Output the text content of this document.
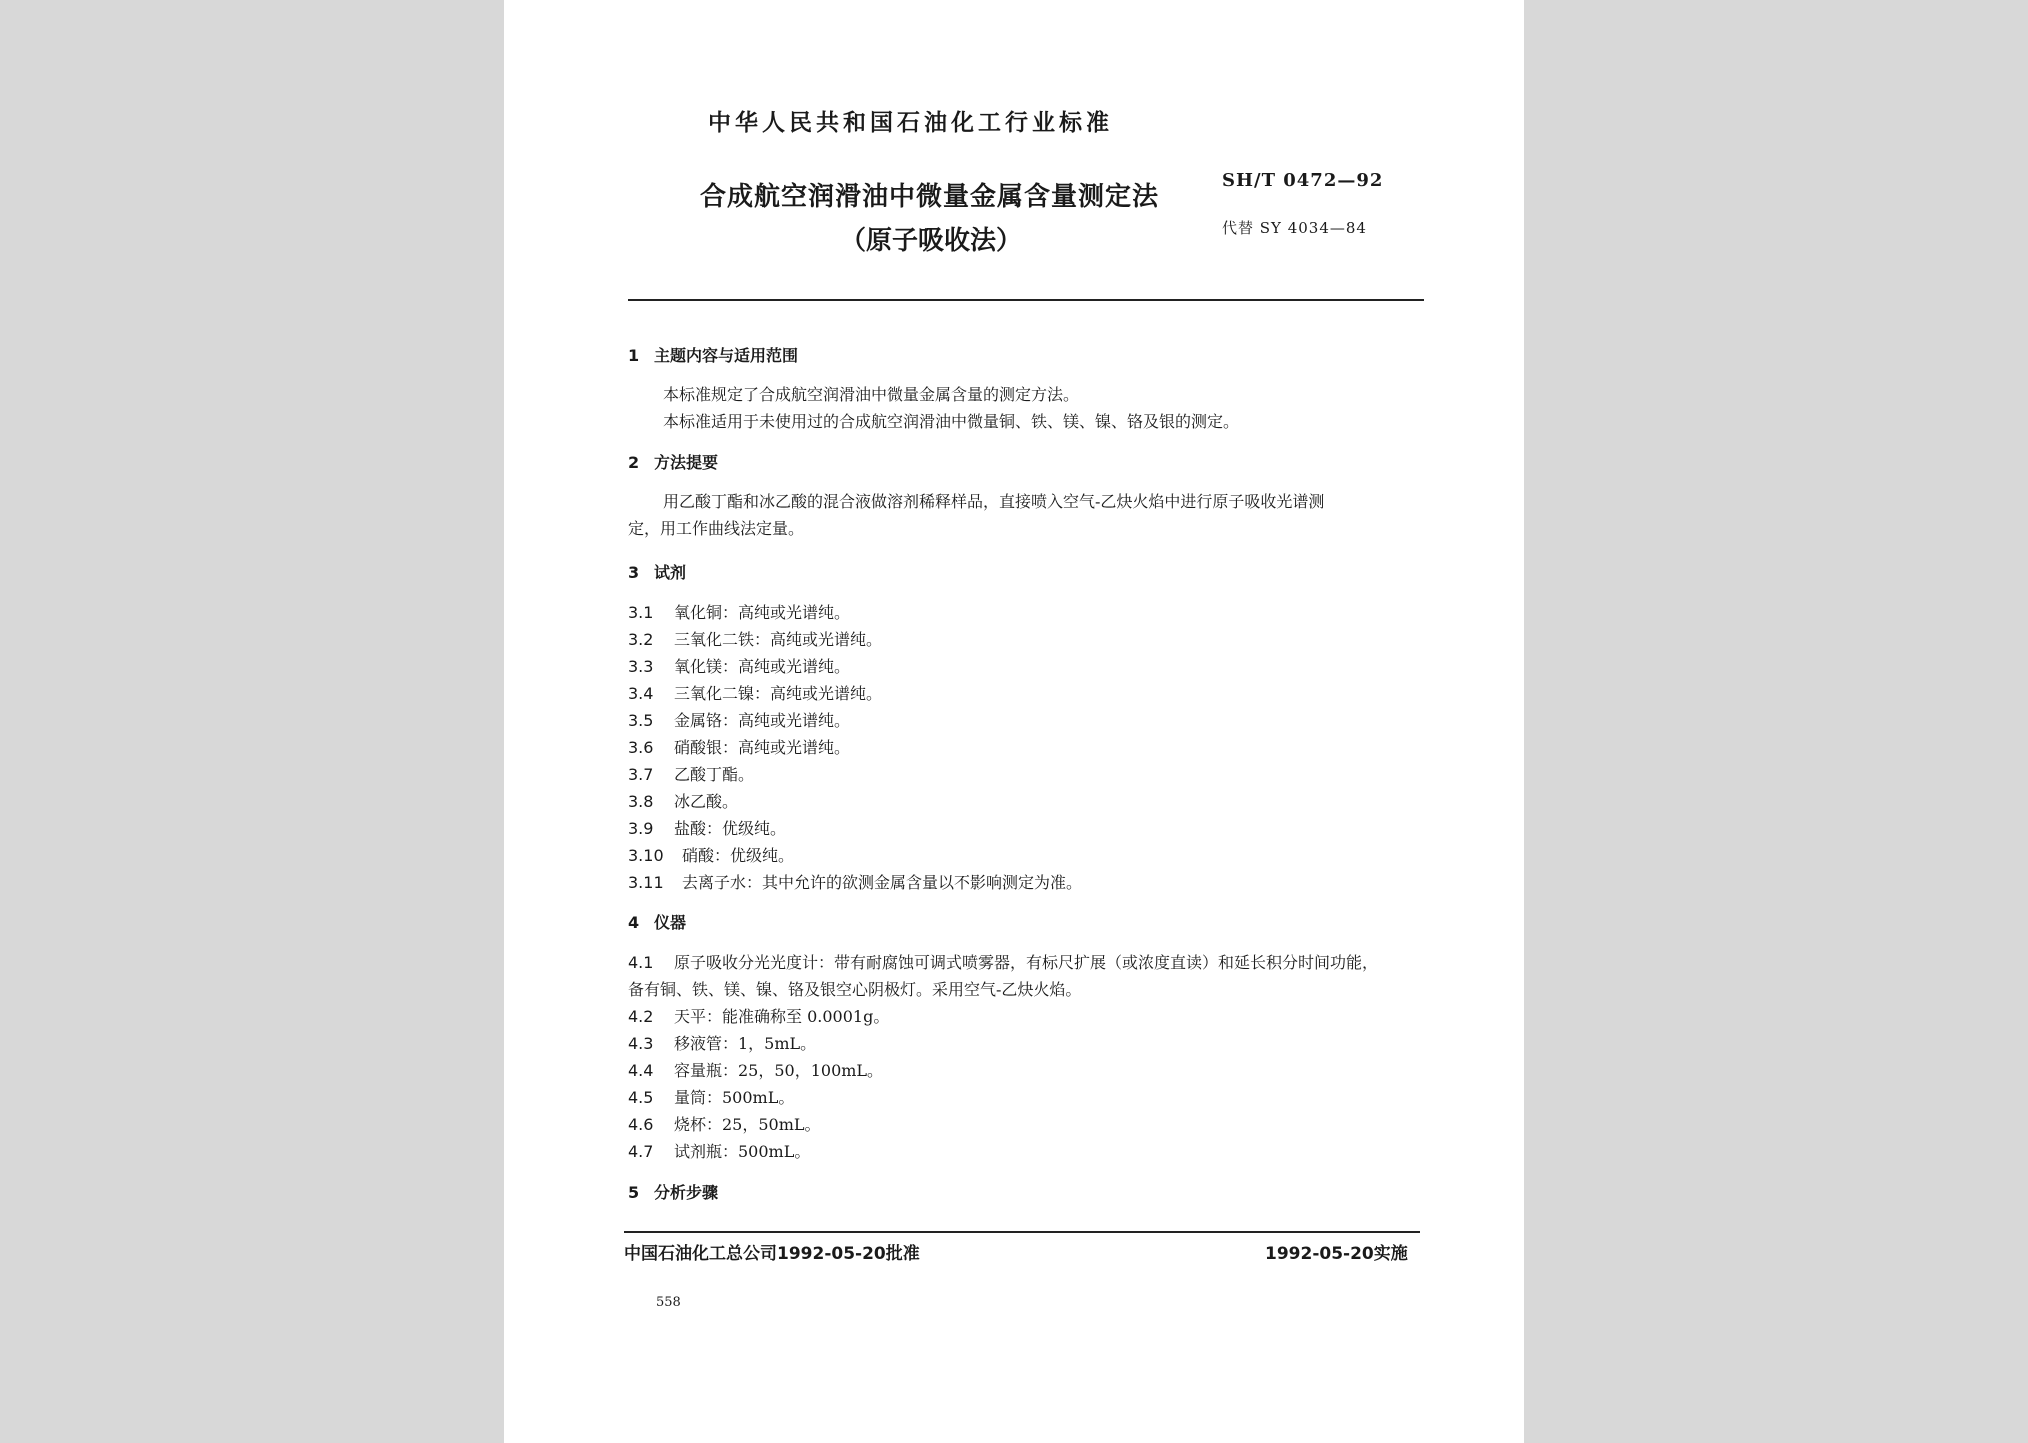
中华人民共和国石油化工行业标准
合成航空润滑油中微量金属含量测定法
（原子吸收法）
SH/T 0472—92
代替 SY 4034—84
1 主题内容与适用范围
本标准规定了合成航空润滑油中微量金属含量的测定方法。
本标准适用于未使用过的合成航空润滑油中微量铜、铁、镁、镍、铬及银的测定。
2 方法提要
用乙酸丁酯和冰乙酸的混合液做溶剂稀释样品，直接喷入空气-乙炔火焰中进行原子吸收光谱测
定，用工作曲线法定量。
3 试剂
3.1 氧化铜：高纯或光谱纯。
3.2 三氧化二铁：高纯或光谱纯。
3.3 氧化镁：高纯或光谱纯。
3.4 三氧化二镍：高纯或光谱纯。
3.5 金属铬：高纯或光谱纯。
3.6 硝酸银：高纯或光谱纯。
3.7 乙酸丁酯。
3.8 冰乙酸。
3.9 盐酸：优级纯。
3.10 硝酸：优级纯。
3.11 去离子水：其中允许的欲测金属含量以不影响测定为准。
4 仪器
4.1 原子吸收分光光度计：带有耐腐蚀可调式喷雾器，有标尺扩展（或浓度直读）和延长积分时间功能，
备有铜、铁、镁、镍、铬及银空心阴极灯。采用空气-乙炔火焰。
4.2 天平：能准确称至 0.0001g。
4.3 移液管：1，5mL。
4.4 容量瓶：25，50，100mL。
4.5 量筒：500mL。
4.6 烧杯：25，50mL。
4.7 试剂瓶：500mL。
5 分析步骤
中国石油化工总公司1992-05-20批准	1992-05-20实施
558
